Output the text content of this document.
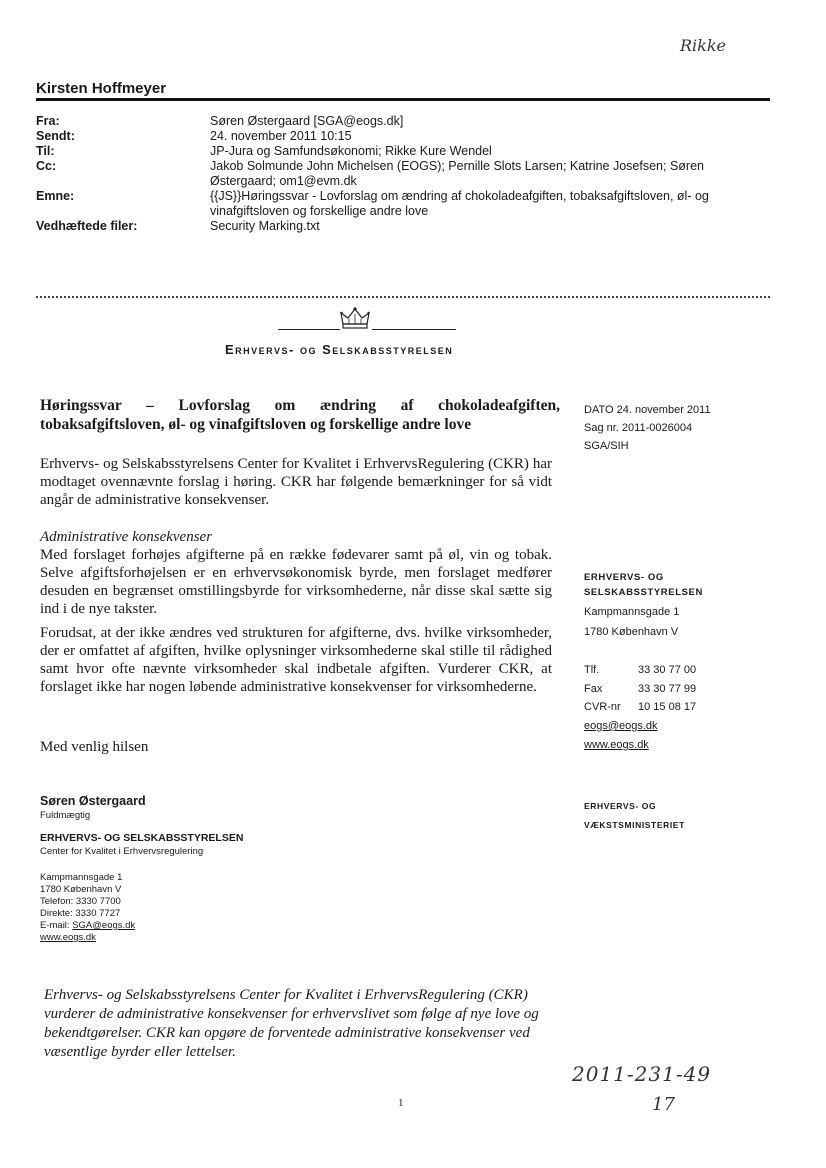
Rikke
Kirsten Hoffmeyer
Fra:	Søren Østergaard [SGA@eogs.dk]
Sendt:	24. november 2011 10:15
Til:	JP-Jura og Samfundsøkonomi; Rikke Kure Wendel
Cc:	Jakob Solmunde John Michelsen (EOGS); Pernille Slots Larsen; Katrine Josefsen; Søren Østergaard; om1@evm.dk
Emne:	{{JS}}Høringssvar - Lovforslag om ændring af chokoladeafgiften, tobaksafgiftsloven, øl- og vinafgiftsloven og forskellige andre love
Vedhæftede filer:	Security Marking.txt
Erhvervs- og Selskabsstyrelsen
Høringssvar – Lovforslag om ændring af chokoladeafgiften, tobaksafgiftsloven, øl- og vinafgiftsloven og forskellige andre love
Erhvervs- og Selskabsstyrelsens Center for Kvalitet i ErhvervsRegulering (CKR) har modtaget ovennævnte forslag i høring. CKR har følgende bemærkninger for så vidt angår de administrative konsekvenser.
Administrative konsekvenser
Med forslaget forhøjes afgifterne på en række fødevarer samt på øl, vin og tobak. Selve afgiftsforhøjelsen er en erhvervsøkonomisk byrde, men forslaget medfører desuden en begrænset omstillingsbyrde for virksomhederne, når disse skal sætte sig ind i de nye takster.
Forudsat, at der ikke ændres ved strukturen for afgifterne, dvs. hvilke virksomheder, der er omfattet af afgiften, hvilke oplysninger virksomhederne skal stille til rådighed samt hvor ofte nævnte virksomheder skal indbetale afgiften. Vurderer CKR, at forslaget ikke har nogen løbende administrative konsekvenser for virksomhederne.
Med venlig hilsen
DATO 24. november 2011
Sag nr. 2011-0026004
SGA/SIH
ERHVERVS- OG
SELSKABSSTYRELSEN
Kampmannsgade 1
1780 København V
Tlf.	33 30 77 00
Fax	33 30 77 99
CVR-nr 10 15 08 17
eogs@eogs.dk
www.eogs.dk
ERHVERVS- OG
VÆKSTSMINISTERIET
Søren Østergaard
Fuldmægtig
ERHVERVS- OG SELSKABSSTYRELSEN
Center for Kvalitet i Erhvervsregulering
Kampmannsgade 1
1780 København V
Telefon: 3330 7700
Direkte: 3330 7727
E-mail: SGA@eogs.dk
www.eogs.dk
Erhvervs- og Selskabsstyrelsens Center for Kvalitet i ErhvervsRegulering (CKR) vurderer de administrative konsekvenser for erhvervslivet som følge af nye love og bekendtgørelser. CKR kan opgøre de forventede administrative konsekvenser ved væsentlige byrder eller lettelser.
2011-231-49
1	17
